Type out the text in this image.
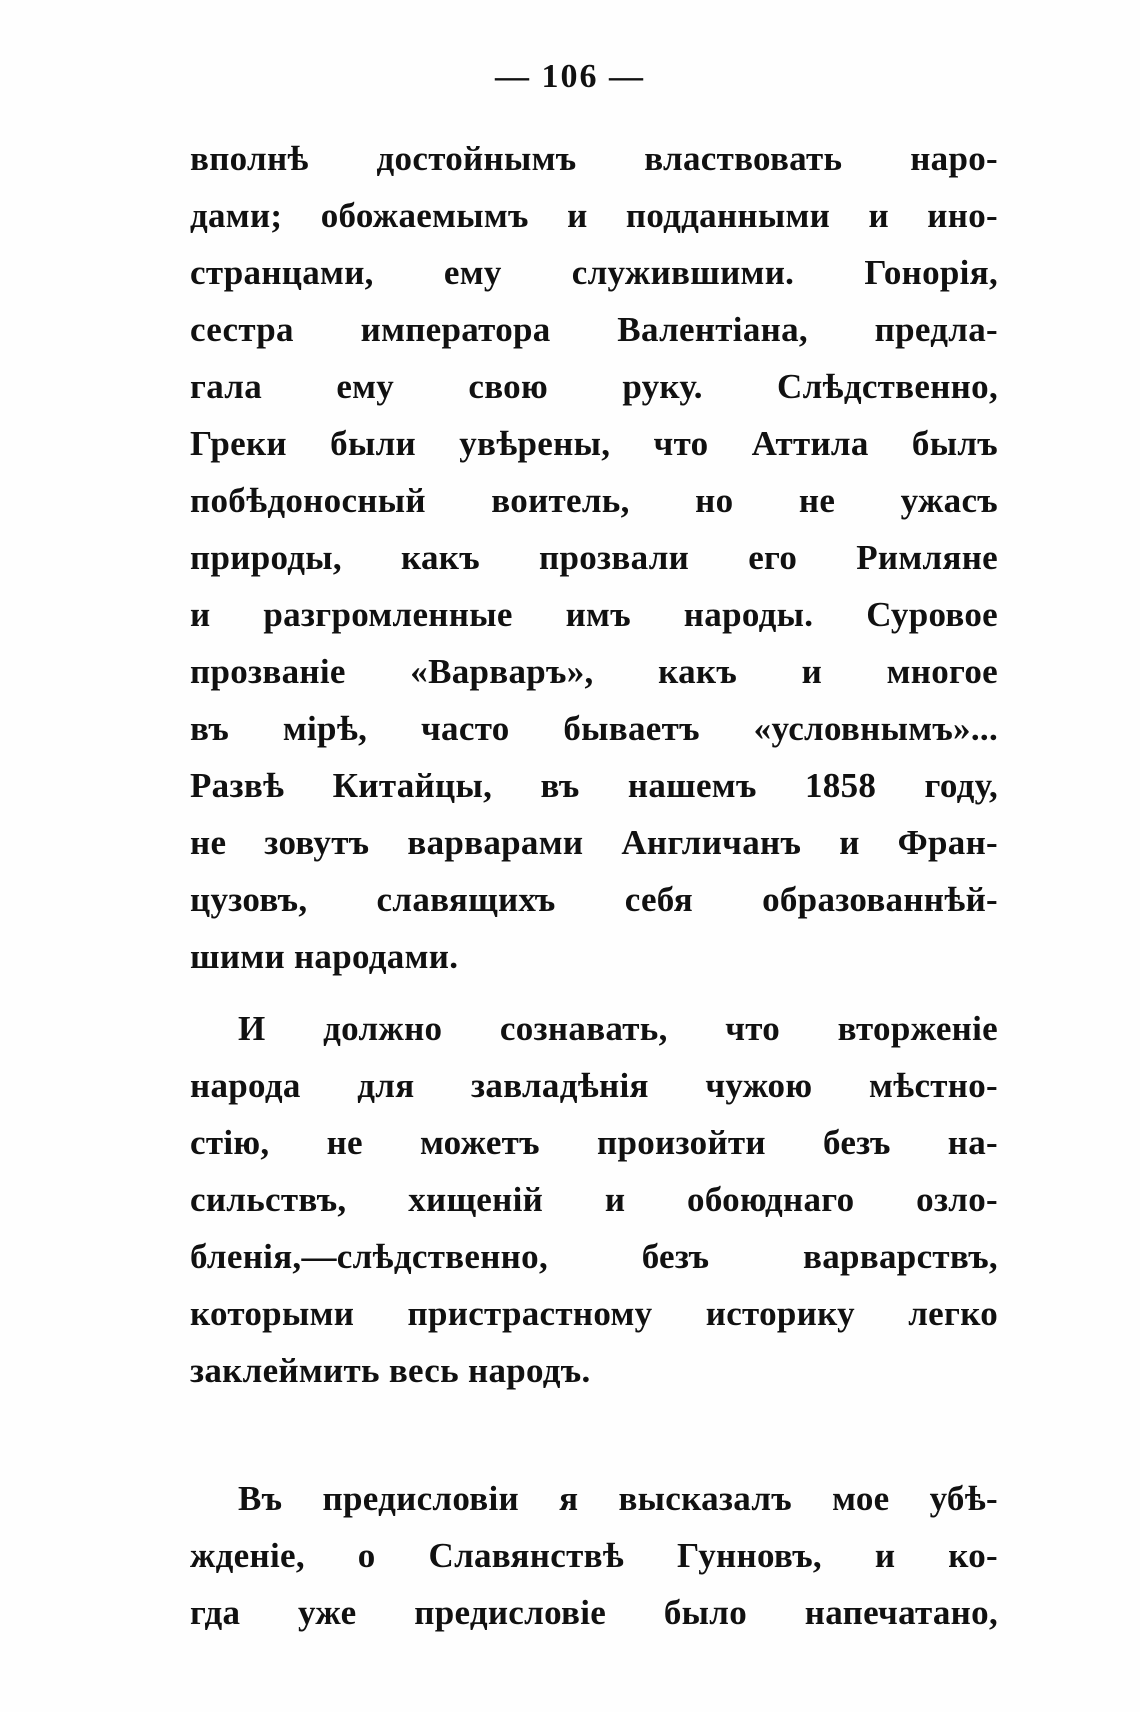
— 106 —
вполнѣ достойнымъ властвовать наро-
дами; обожаемымъ и подданными и ино-
странцами, ему служившими. Гонорія,
сестра императора Валентіана, предла-
гала ему свою руку. Слѣдственно,
Греки были увѣрены, что Аттила былъ
побѣдоносный воитель, но не ужасъ
природы, какъ прозвали его Римляне
и разгромленные имъ народы. Суровое
прозваніе «Варваръ», какъ и многое
въ мірѣ, часто бываетъ «условнымъ»...
Развѣ Китайцы, въ нашемъ 1858 году,
не зовутъ варварами Англичанъ и Фран-
цузовъ, славящихъ себя образованнѣй-
шими народами.
И должно сознавать, что вторженіе
народа для завладѣнія чужою мѣстно-
стію, не можетъ произойти безъ на-
сильствъ, хищеній и обоюднаго озло-
бленія,—слѣдственно, безъ варварствъ,
которыми пристрастному историку легко
заклеймить весь народъ.
Въ предисловіи я высказалъ мое убѣ-
жденіе, о Славянствѣ Гунновъ, и ко-
гда уже предисловіе было напечатано,
